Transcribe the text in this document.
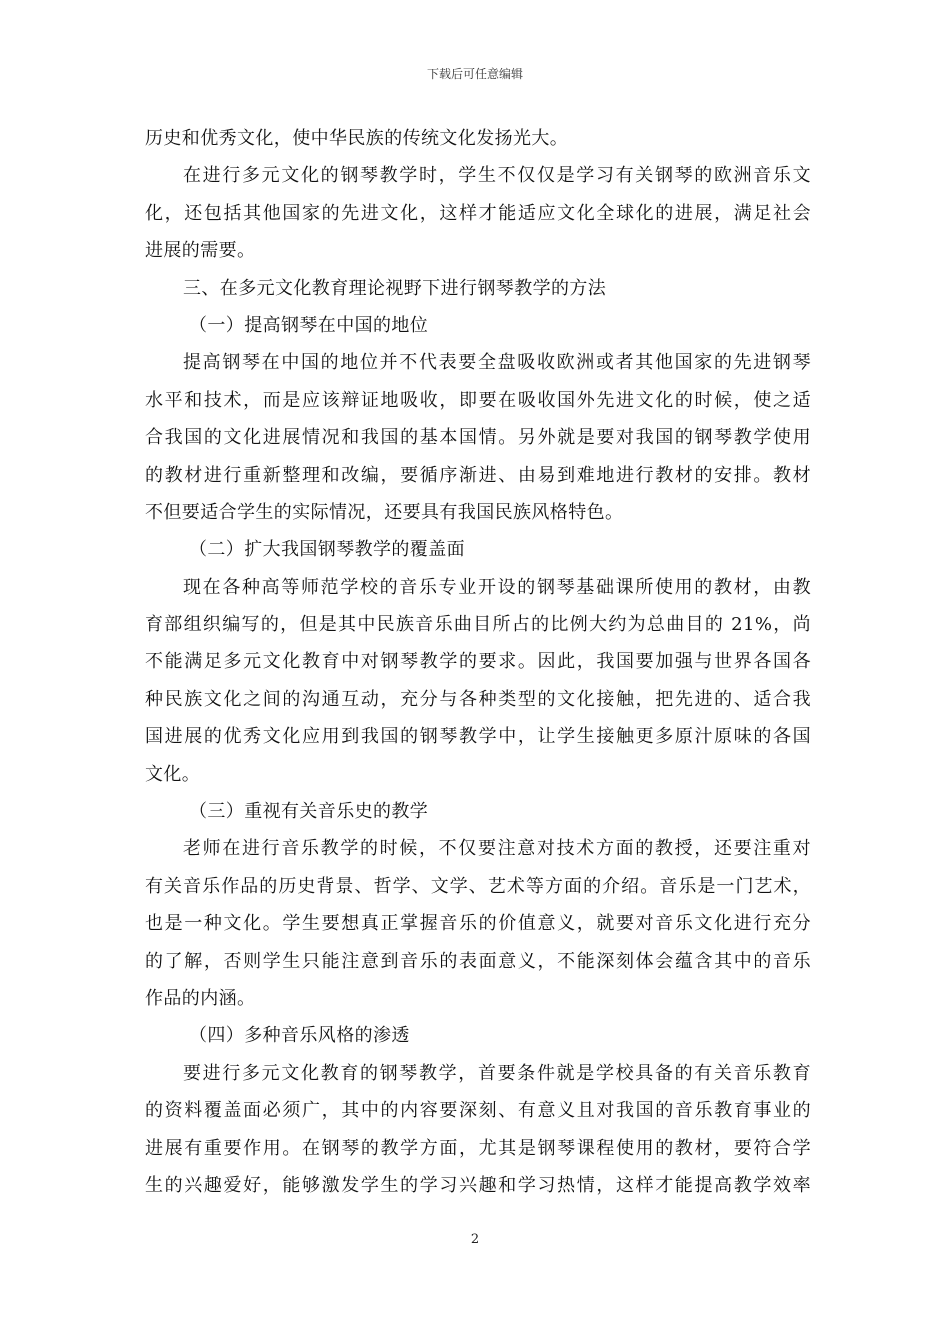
下载后可任意编辑
历史和优秀文化，使中华民族的传统文化发扬光大。
在进行多元文化的钢琴教学时，学生不仅仅是学习有关钢琴的欧洲音乐文
化，还包括其他国家的先进文化，这样才能适应文化全球化的进展，满足社会
进展的需要。
三、在多元文化教育理论视野下进行钢琴教学的方法
（一）提高钢琴在中国的地位
提高钢琴在中国的地位并不代表要全盘吸收欧洲或者其他国家的先进钢琴
水平和技术，而是应该辩证地吸收，即要在吸收国外先进文化的时候，使之适
合我国的文化进展情况和我国的基本国情。另外就是要对我国的钢琴教学使用
的教材进行重新整理和改编，要循序渐进、由易到难地进行教材的安排。教材
不但要适合学生的实际情况，还要具有我国民族风格特色。
（二）扩大我国钢琴教学的覆盖面
现在各种高等师范学校的音乐专业开设的钢琴基础课所使用的教材，由教
育部组织编写的，但是其中民族音乐曲目所占的比例大约为总曲目的 21%，尚
不能满足多元文化教育中对钢琴教学的要求。因此，我国要加强与世界各国各
种民族文化之间的沟通互动，充分与各种类型的文化接触，把先进的、适合我
国进展的优秀文化应用到我国的钢琴教学中，让学生接触更多原汁原味的各国
文化。
（三）重视有关音乐史的教学
老师在进行音乐教学的时候，不仅要注意对技术方面的教授，还要注重对
有关音乐作品的历史背景、哲学、文学、艺术等方面的介绍。音乐是一门艺术，
也是一种文化。学生要想真正掌握音乐的价值意义，就要对音乐文化进行充分
的了解，否则学生只能注意到音乐的表面意义，不能深刻体会蕴含其中的音乐
作品的内涵。
（四）多种音乐风格的渗透
要进行多元文化教育的钢琴教学，首要条件就是学校具备的有关音乐教育
的资料覆盖面必须广，其中的内容要深刻、有意义且对我国的音乐教育事业的
进展有重要作用。在钢琴的教学方面，尤其是钢琴课程使用的教材，要符合学
生的兴趣爱好，能够激发学生的学习兴趣和学习热情，这样才能提高教学效率
2
